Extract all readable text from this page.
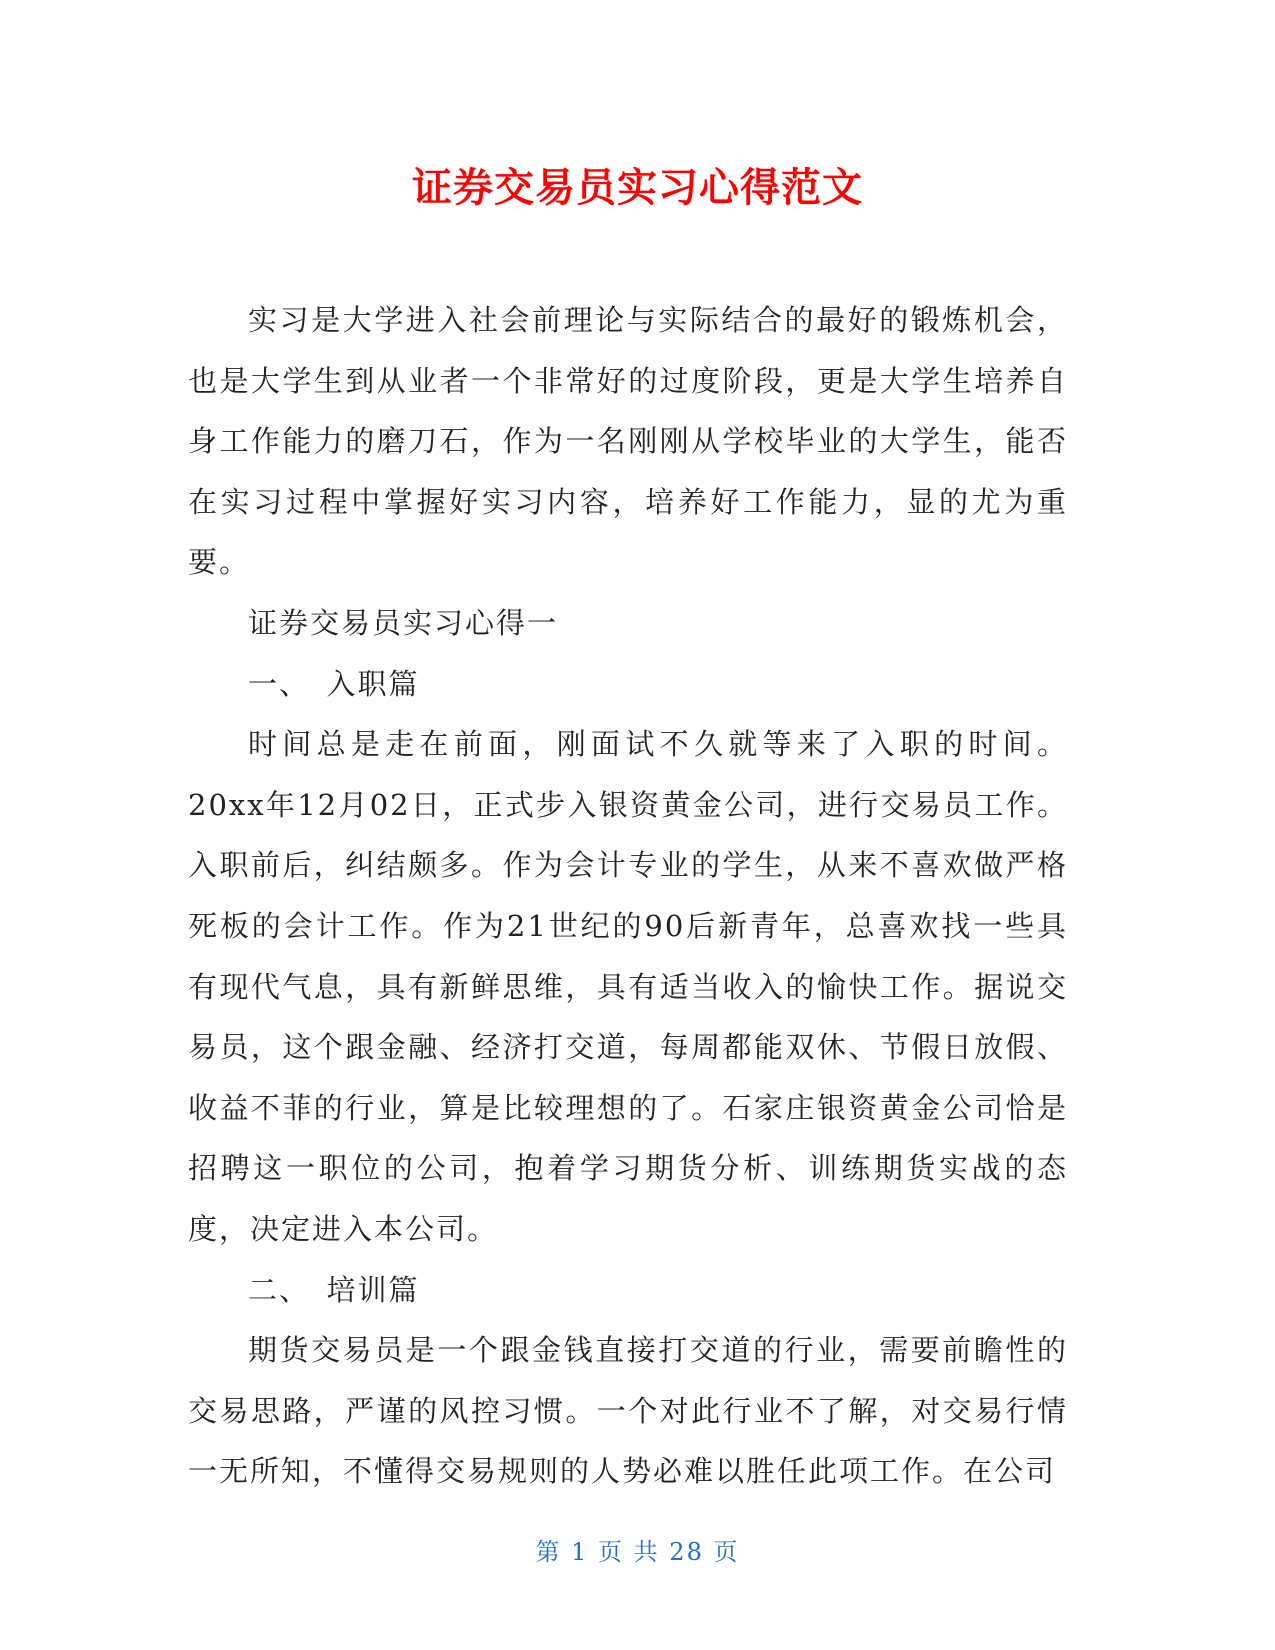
证券交易员实习心得范文

实习是大学进入社会前理论与实际结合的最好的锻炼机会，也是大学生到从业者一个非常好的过度阶段，更是大学生培养自身工作能力的磨刀石，作为一名刚刚从学校毕业的大学生，能否在实习过程中掌握好实习内容，培养好工作能力，显的尤为重要。

证券交易员实习心得一

一、　入职篇

时间总是走在前面，刚面试不久就等来了入职的时间。20xx年12月02日，正式步入银资黄金公司，进行交易员工作。入职前后，纠结颇多。作为会计专业的学生，从来不喜欢做严格死板的会计工作。作为21世纪的90后新青年，总喜欢找一些具有现代气息，具有新鲜思维，具有适当收入的愉快工作。据说交易员，这个跟金融、经济打交道，每周都能双休、节假日放假、收益不菲的行业，算是比较理想的了。石家庄银资黄金公司恰是招聘这一职位的公司，抱着学习期货分析、训练期货实战的态度，决定进入本公司。

二、　培训篇

期货交易员是一个跟金钱直接打交道的行业，需要前瞻性的交易思路，严谨的风控习惯。一个对此行业不了解，对交易行情一无所知，不懂得交易规则的人势必难以胜任此项工作。在公司

第 1 页 共 28 页
